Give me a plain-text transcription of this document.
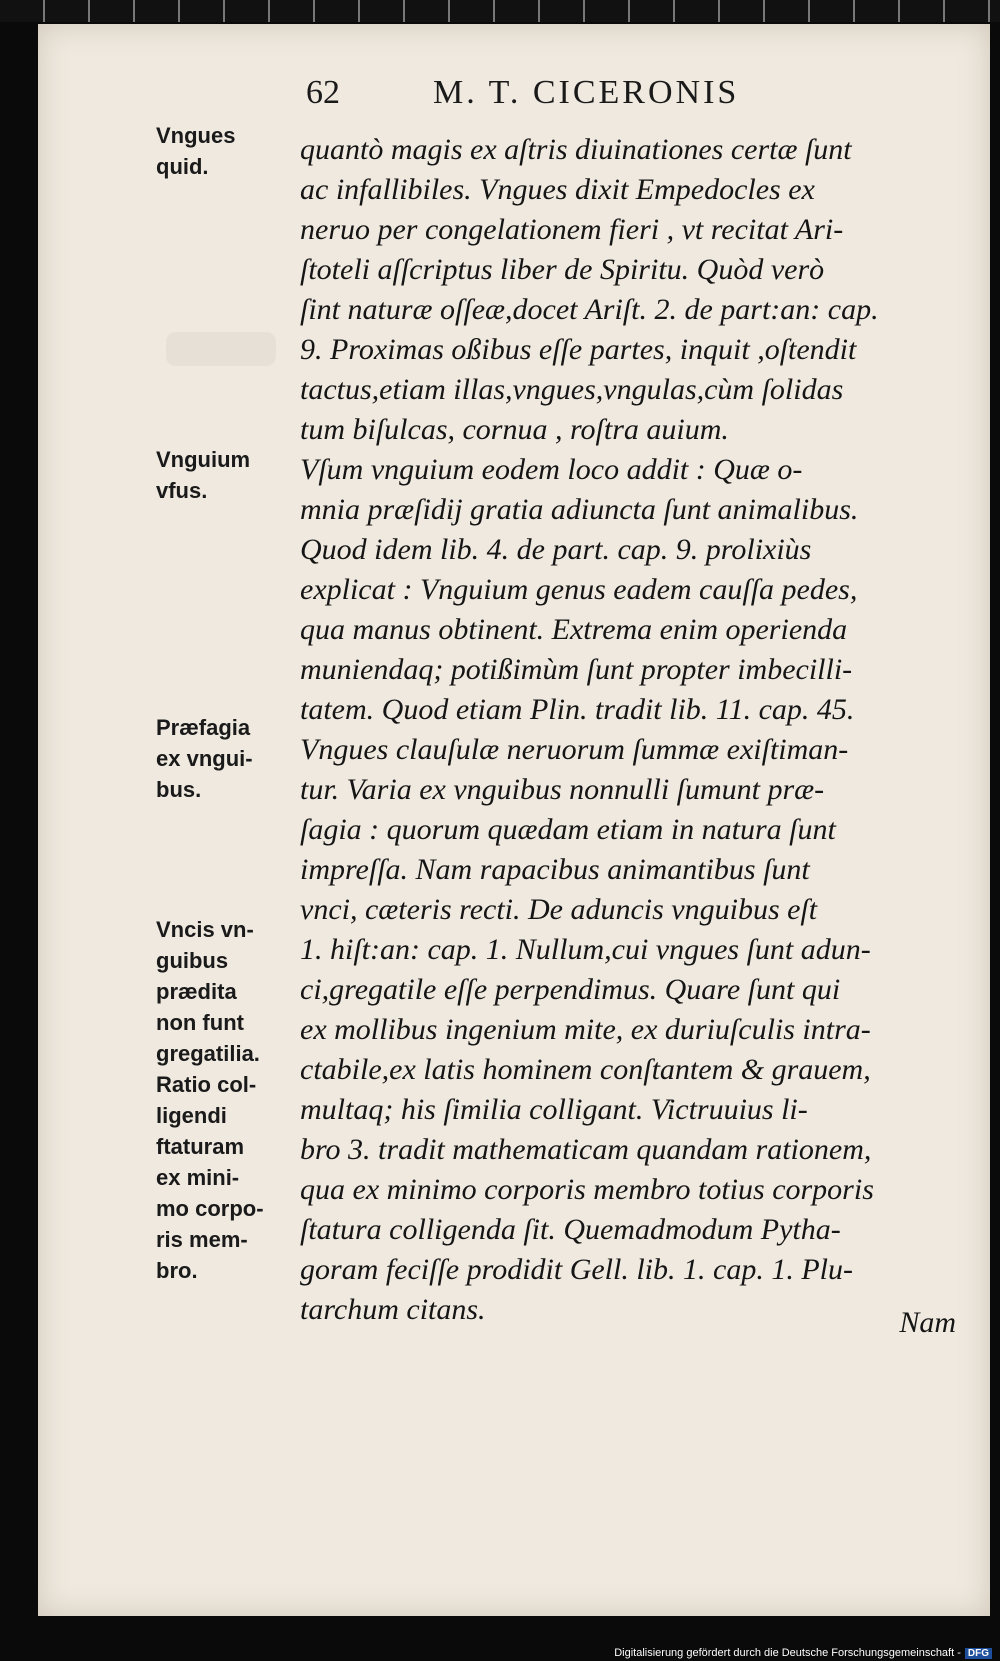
62	M. T. CICERONIS
Vngues
quid.
Vnguium
vfus.
Præfagia
ex vngui-
bus.
Vncis vn-
guibus
prædita
non funt
gregatilia.
Ratio col-
ligendi
ftaturam
ex mini-
mo corpo-
ris mem-
bro.
quantò magis ex aſtris diuinationes certæ ſunt
ac infallibiles. Vngues dixit Empedocles ex
neruo per congelationem fieri , vt recitat Ari-
ſtoteli aſſcriptus liber de Spiritu. Quòd verò
ſint naturæ oſſeæ,docet Ariſt. 2. de part:an: cap.
9. Proximas oßibus eſſe partes, inquit ,oſtendit
tactus,etiam illas,vngues,vngulas,cùm ſolidas
tum biſulcas, cornua , roſtra auium.
Vſum vnguium eodem loco addit : Quæ o-
mnia præſidij gratia adiuncta ſunt animalibus.
Quod idem lib. 4. de part. cap. 9. prolixiùs
explicat : Vnguium genus eadem cauſſa pedes,
qua manus obtinent. Extrema enim operienda
muniendaq; potißimùm ſunt propter imbecilli-
tatem. Quod etiam Plin. tradit lib. 11. cap. 45.
Vngues clauſulæ neruorum ſummæ exiſtiman-
tur. Varia ex vnguibus nonnulli ſumunt præ-
ſagia : quorum quædam etiam in natura ſunt
impreſſa. Nam rapacibus animantibus ſunt
vnci, cæteris recti. De aduncis vnguibus eſt
1. hiſt:an: cap. 1. Nullum,cui vngues ſunt adun-
ci,gregatile eſſe perpendimus. Quare ſunt qui
ex mollibus ingenium mite, ex duriuſculis intra-
ctabile,ex latis hominem conſtantem & grauem,
multaq; his ſimilia colligant. Victruuius li-
bro 3. tradit mathematicam quandam rationem,
qua ex minimo corporis membro totius corporis
ſtatura colligenda ſit. Quemadmodum Pytha-
goram feciſſe prodidit Gell. lib. 1. cap. 1. Plu-
tarchum citans.	Nam
Digitalisierung gefördert durch die Deutsche Forschungsgemeinschaft - DFG
